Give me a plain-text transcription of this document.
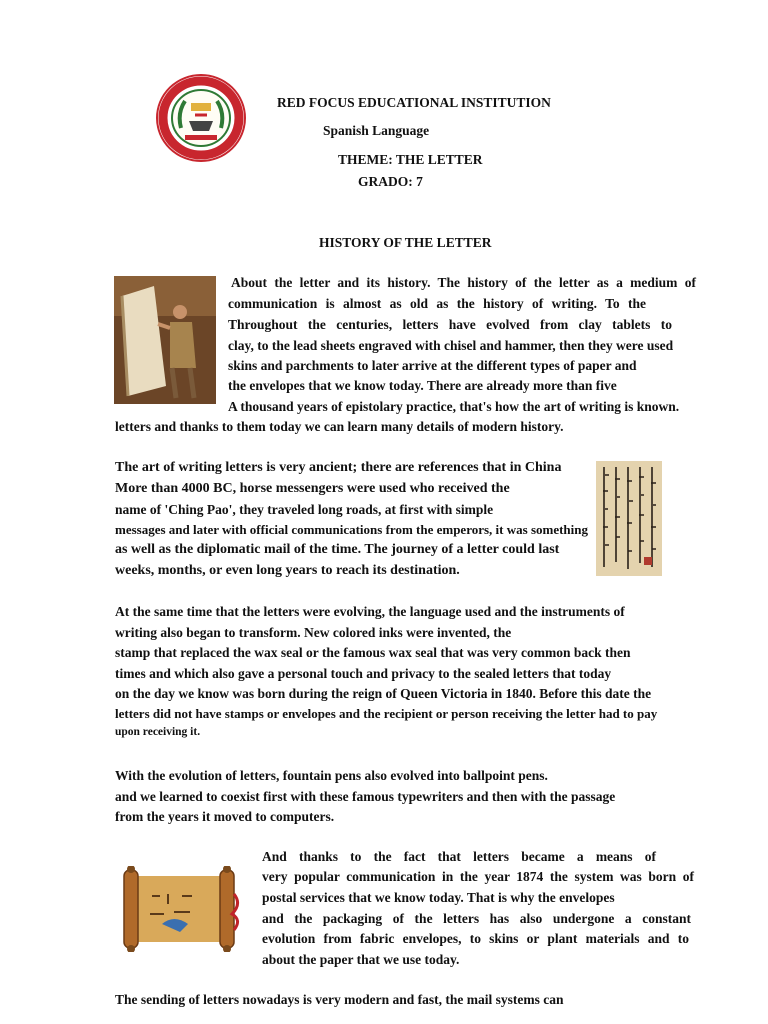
RED FOCUS EDUCATIONAL INSTITUTION
Spanish Language
THEME: THE LETTER
GRADO: 7
HISTORY OF THE LETTER
About the letter and its history. The history of the letter as a medium of
communication is almost as old as the history of writing. To the
Throughout the centuries, letters have evolved from clay tablets to
clay, to the lead sheets engraved with chisel and hammer, then they were used
skins and parchments to later arrive at the different types of paper and
the envelopes that we know today. There are already more than five
A thousand years of epistolary practice, that's how the art of writing is known.
letters and thanks to them today we can learn many details of modern history.
The art of writing letters is very ancient; there are references that in China
More than 4000 BC, horse messengers were used who received the
name of 'Ching Pao', they traveled long roads, at first with simple
messages and later with official communications from the emperors, it was something
as well as the diplomatic mail of the time. The journey of a letter could last
weeks, months, or even long years to reach its destination.
At the same time that the letters were evolving, the language used and the instruments of
writing also began to transform. New colored inks were invented, the
stamp that replaced the wax seal or the famous wax seal that was very common back then
times and which also gave a personal touch and privacy to the sealed letters that today
on the day we know was born during the reign of Queen Victoria in 1840. Before this date the
letters did not have stamps or envelopes and the recipient or person receiving the letter had to pay
upon receiving it.
With the evolution of letters, fountain pens also evolved into ballpoint pens.
and we learned to coexist first with these famous typewriters and then with the passage
from the years it moved to computers.
And thanks to the fact that letters became a means of
very popular communication in the year 1874 the system was born of
postal services that we know today. That is why the envelopes
and the packaging of the letters has also undergone a constant
evolution from fabric envelopes, to skins or plant materials and to
about the paper that we use today.
The sending of letters nowadays is very modern and fast, the mail systems can
